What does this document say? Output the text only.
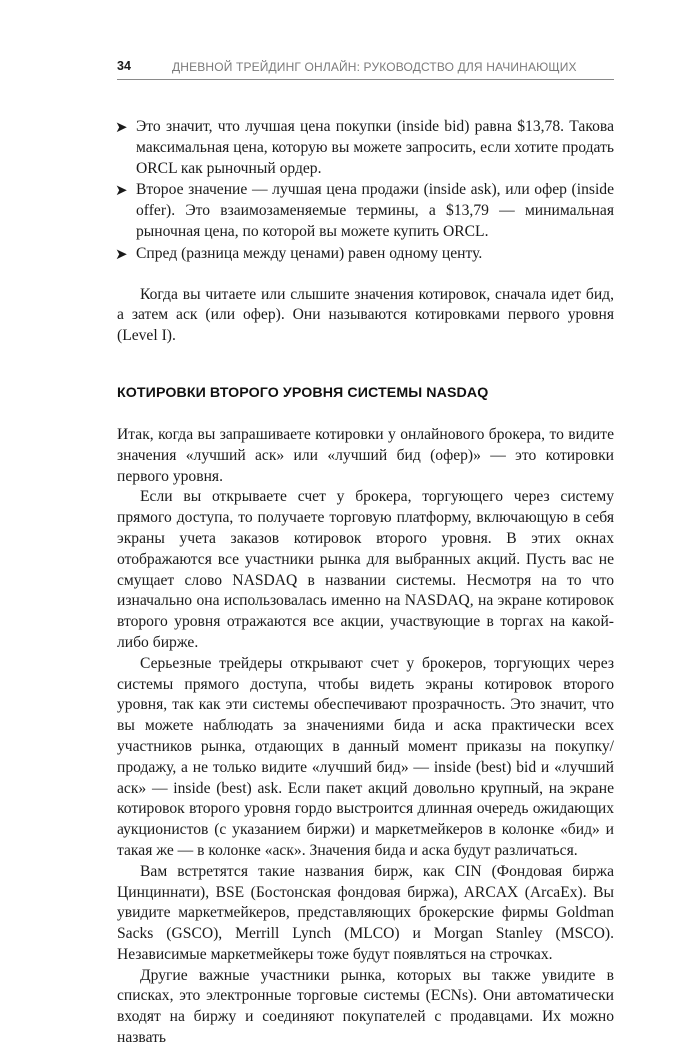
34	ДНЕВНОЙ ТРЕЙДИНГ ОНЛАЙН: РУКОВОДСТВО ДЛЯ НАЧИНАЮЩИХ
➤ Это значит, что лучшая цена покупки (inside bid) равна $13,78. Такова максимальная цена, которую вы можете запросить, если хотите продать ORCL как рыночный ордер.
➤ Второе значение — лучшая цена продажи (inside ask), или офер (inside offer). Это взаимозаменяемые термины, а $13,79 — минимальная рыночная цена, по которой вы можете купить ORCL.
➤ Спред (разница между ценами) равен одному центу.

Когда вы читаете или слышите значения котировок, сначала идет бид, а затем аск (или офер). Они называются котировками первого уровня (Level I).

КОТИРОВКИ ВТОРОГО УРОВНЯ СИСТЕМЫ NASDAQ

Итак, когда вы запрашиваете котировки у онлайнового брокера, то видите значения «лучший аск» или «лучший бид (офер)» — это котировки первого уровня.

Если вы открываете счет у брокера, торгующего через систему прямого доступа, то получаете торговую платформу, включающую в себя экраны учета заказов котировок второго уровня. В этих окнах отображаются все участники рынка для выбранных акций. Пусть вас не смущает слово NASDAQ в названии системы. Несмотря на то что изначально она использовалась именно на NASDAQ, на экране котировок второго уровня отражаются все акции, участвующие в торгах на какой-либо бирже.

Серьезные трейдеры открывают счет у брокеров, торгующих через системы прямого доступа, чтобы видеть экраны котировок второго уровня, так как эти системы обеспечивают прозрачность. Это значит, что вы можете наблюдать за значениями бида и аска практически всех участников рынка, отдающих в данный момент приказы на покупку/продажу, а не только видите «лучший бид» — inside (best) bid и «лучший аск» — inside (best) ask. Если пакет акций довольно крупный, на экране котировок второго уровня гордо выстроится длинная очередь ожидающих аукционистов (с указанием биржи) и маркетмейкеров в колонке «бид» и такая же — в колонке «аск». Значения бида и аска будут различаться.

Вам встретятся такие названия бирж, как CIN (Фондовая биржа Цинциннати), BSE (Бостонская фондовая биржа), ARCAX (ArcaEx). Вы увидите маркетмейкеров, представляющих брокерские фирмы Goldman Sacks (GSCO), Merrill Lynch (MLCO) и Morgan Stanley (MSCO). Независимые маркетмейкеры тоже будут появляться на строчках.

Другие важные участники рынка, которых вы также увидите в списках, это электронные торговые системы (ECNs). Они автоматически входят на биржу и соединяют покупателей с продавцами. Их можно назвать
